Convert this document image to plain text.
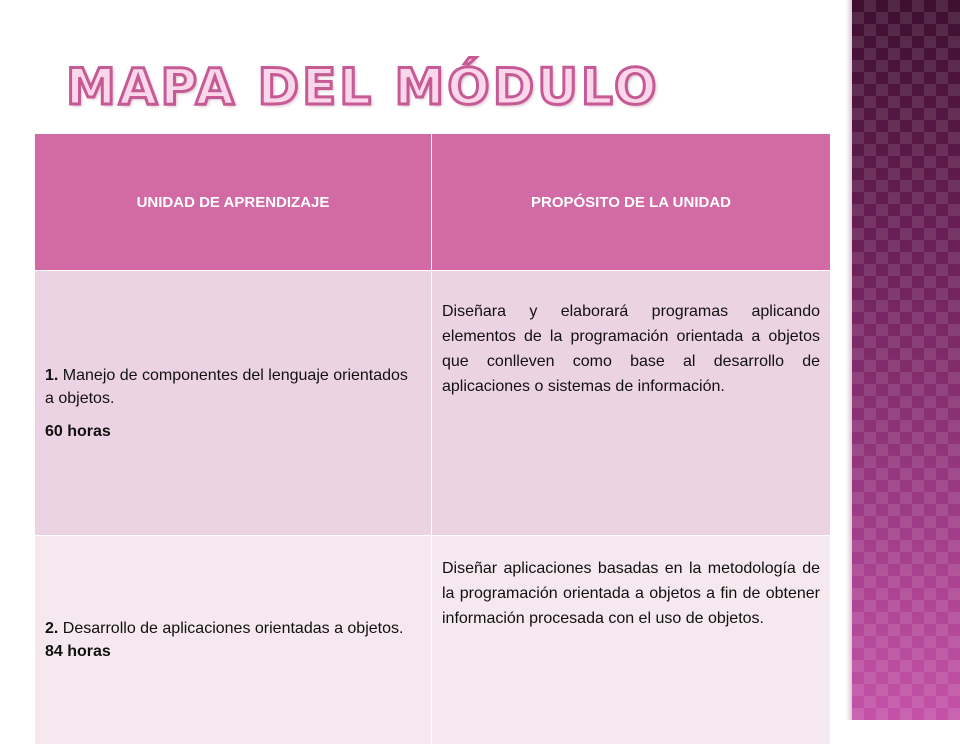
MAPA DEL MÓDULO
UNIDAD DE APRENDIZAJE	PROPÓSITO DE LA UNIDAD
1. Manejo de componentes del lenguaje orientados a objetos.
60 horas	Diseñara y elaborará programas aplicando elementos de la programación orientada a objetos que conlleven como base al desarrollo de aplicaciones o sistemas de información.
2. Desarrollo de aplicaciones orientadas a objetos.
84 horas	Diseñar aplicaciones basadas en la metodología de la programación orientada a objetos a fin de obtener información procesada con el uso de objetos.
